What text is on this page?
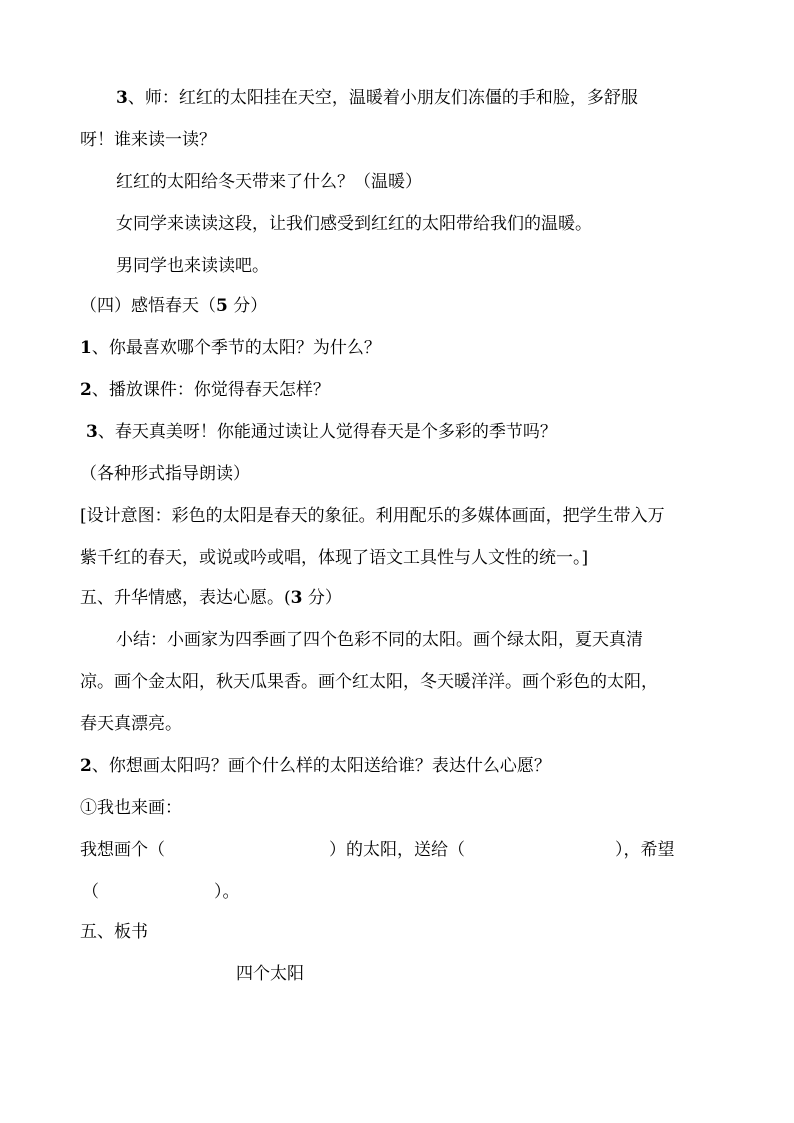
3、师：红红的太阳挂在天空，温暖着小朋友们冻僵的手和脸，多舒服
呀！谁来读一读？
红红的太阳给冬天带来了什么？（温暖）
女同学来读读这段，让我们感受到红红的太阳带给我们的温暖。
男同学也来读读吧。
（四）感悟春天（5 分）
1、你最喜欢哪个季节的太阳？为什么？
2、播放课件：你觉得春天怎样？
3、春天真美呀！你能通过读让人觉得春天是个多彩的季节吗？
（各种形式指导朗读）
[设计意图：彩色的太阳是春天的象征。利用配乐的多媒体画面，把学生带入万
紫千红的春天，或说或吟或唱，体现了语文工具性与人文性的统一。]
五、升华情感，表达心愿。(3 分）
小结：小画家为四季画了四个色彩不同的太阳。画个绿太阳，夏天真清
凉。画个金太阳，秋天瓜果香。画个红太阳，冬天暖洋洋。画个彩色的太阳，
春天真漂亮。
2、你想画太阳吗？画个什么样的太阳送给谁？表达什么心愿？
①我也来画：
我想画个（	）的太阳，送给（	），希望
（	）。
五、板书
四个太阳
